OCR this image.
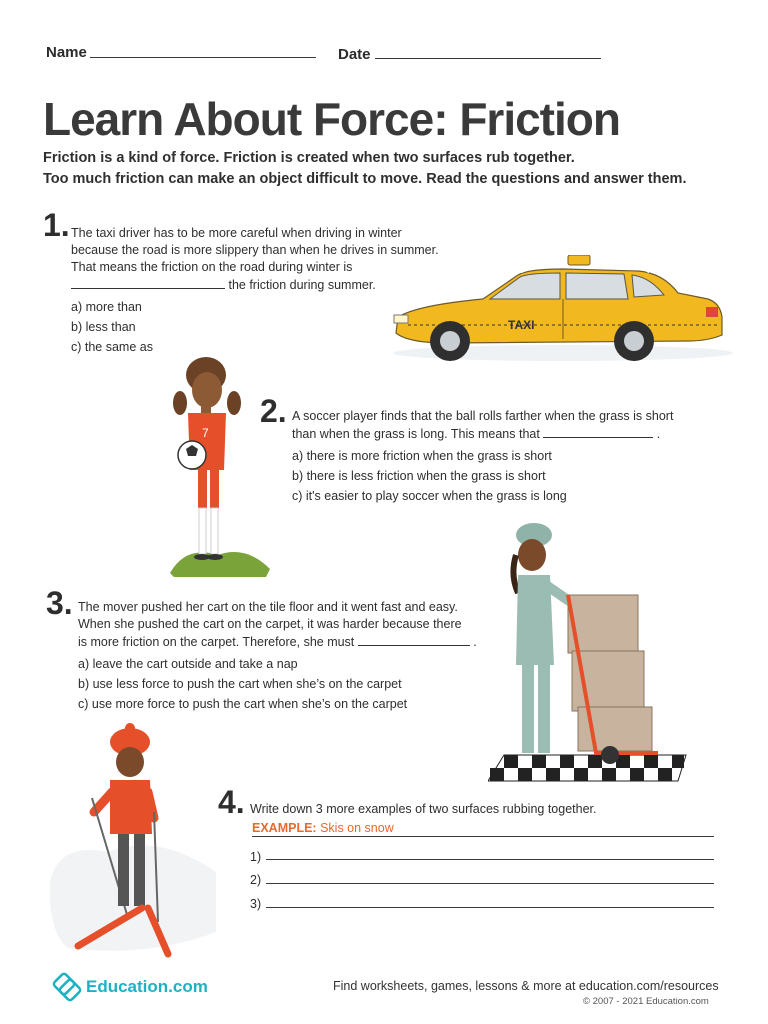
Name	Date
Learn About Force: Friction
Friction is a kind of force. Friction is created when two surfaces rub together.
Too much friction can make an object difficult to move. Read the questions and answer them.
1. The taxi driver has to be more careful when driving in winter
because the road is more slippery than when he drives in summer.
That means the friction on the road during winter is
the friction during summer.
a) more than
b) less than
c) the same as
TAXI
7
2. A soccer player finds that the ball rolls farther when the grass is short
than when the grass is long. This means that	.
a) there is more friction when the grass is short
b) there is less friction when the grass is short
c) it's easier to play soccer when the grass is long
3. The mover pushed her cart on the tile floor and it went fast and easy.
When she pushed the cart on the carpet, it was harder because there
is more friction on the carpet. Therefore, she must	.
a) leave the cart outside and take a nap
b) use less force to push the cart when she’s on the carpet
c) use more force to push the cart when she’s on the carpet
4. Write down 3 more examples of two surfaces rubbing together.
EXAMPLE: Skis on snow
1)
2)
3)
Education.com	Find worksheets, games, lessons & more at education.com/resources
© 2007 - 2021 Education.com
